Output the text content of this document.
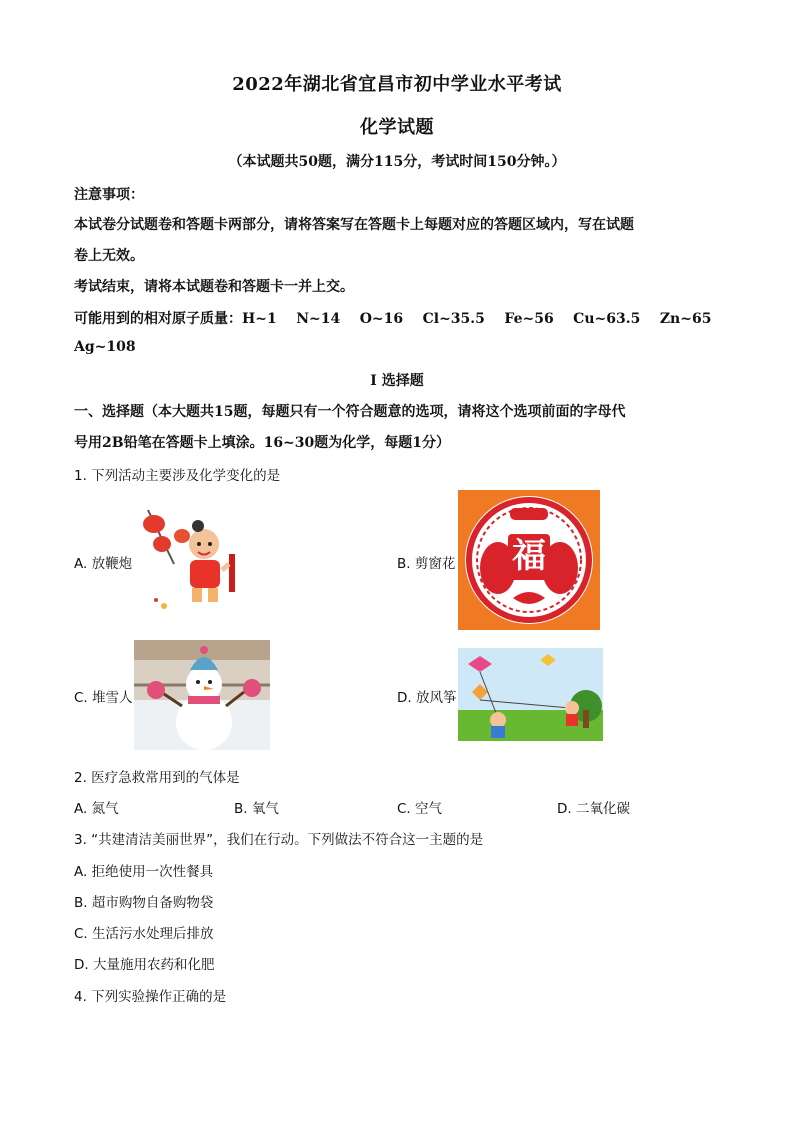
2022年湖北省宜昌市初中学业水平考试
化学试题
（本试题共50题，满分115分，考试时间150分钟。）
注意事项：
本试卷分试题卷和答题卡两部分，请将答案写在答题卡上每题对应的答题区域内，写在试题
卷上无效。
考试结束，请将本试题卷和答题卡一并上交。
可能用到的相对原子质量：H~1    N~14    O~16    Cl~35.5    Fe~56    Cu~63.5    Zn~65
Ag~108
I 选择题
一、选择题（本大题共15题，每题只有一个符合题意的选项，请将这个选项前面的字母代
号用2B铅笔在答题卡上填涂。16~30题为化学，每题1分）
1. 下列活动主要涉及化学变化的是
A. 放鞭炮	B. 剪窗花 福
C. 堆雪人	D. 放风筝
2. 医疗急救常用到的气体是
A. 氮气	B. 氧气	C. 空气	D. 二氧化碳
3. “共建清洁美丽世界”，我们在行动。下列做法不符合这一主题的是
A. 拒绝使用一次性餐具
B. 超市购物自备购物袋
C. 生活污水处理后排放
D. 大量施用农药和化肥
4. 下列实验操作正确的是
